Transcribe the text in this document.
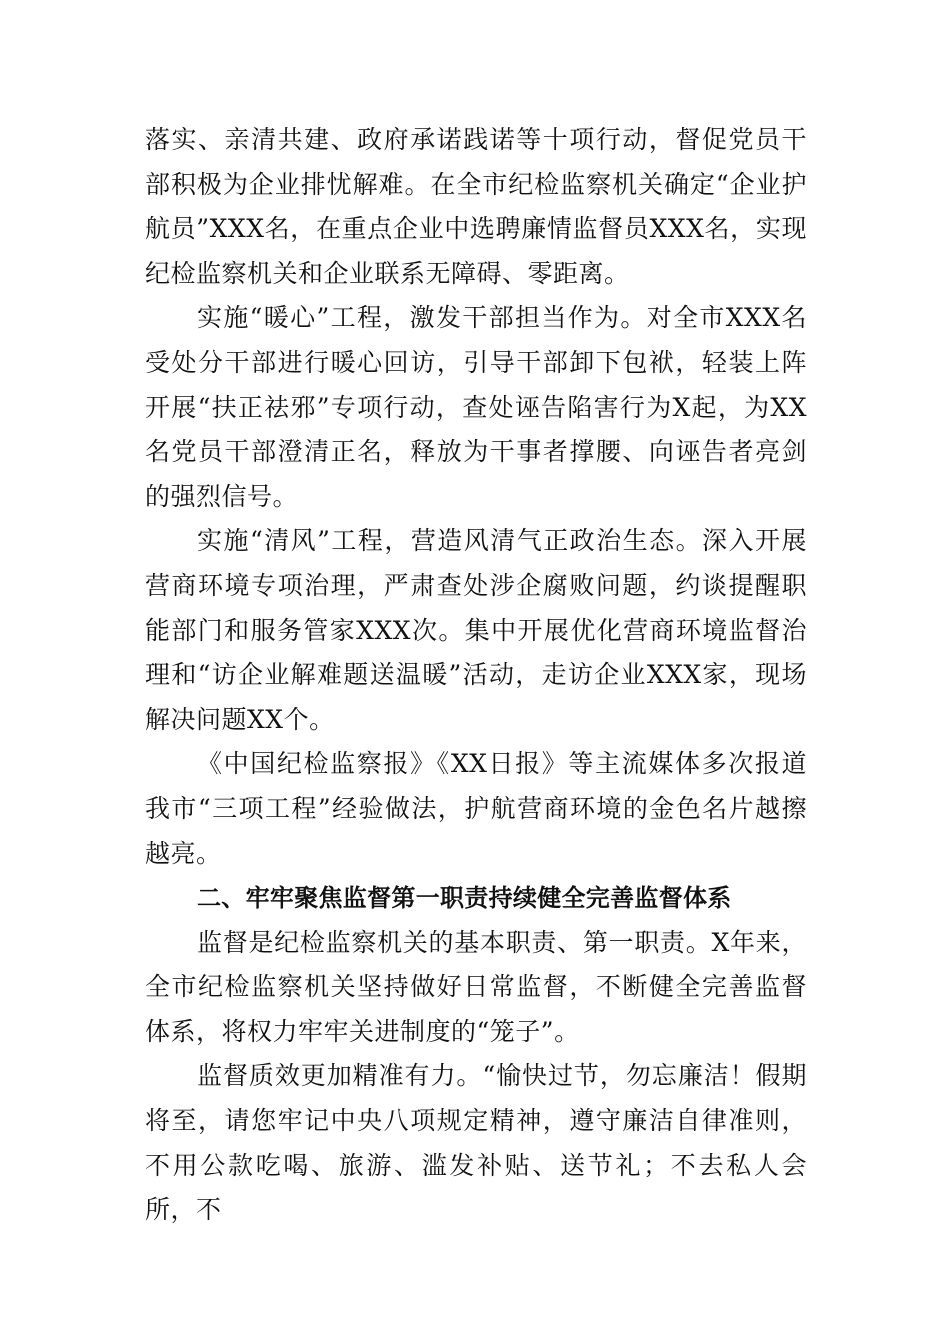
落实、亲清共建、政府承诺践诺等十项行动，督促党员干部积极为企业排忧解难。在全市纪检监察机关确定“企业护航员”XXX名，在重点企业中选聘廉情监督员XXX名，实现纪检监察机关和企业联系无障碍、零距离。

实施“暖心”工程，激发干部担当作为。对全市XXX名受处分干部进行暖心回访，引导干部卸下包袱，轻装上阵开展“扶正祛邪”专项行动，查处诬告陷害行为X起，为XX名党员干部澄清正名，释放为干事者撑腰、向诬告者亮剑的强烈信号。

实施“清风”工程，营造风清气正政治生态。深入开展营商环境专项治理，严肃查处涉企腐败问题，约谈提醒职能部门和服务管家XXX次。集中开展优化营商环境监督治理和“访企业解难题送温暖”活动，走访企业XXX家，现场解决问题XX个。

《中国纪检监察报》《XX日报》等主流媒体多次报道我市“三项工程”经验做法，护航营商环境的金色名片越擦越亮。

二、牢牢聚焦监督第一职责持续健全完善监督体系

监督是纪检监察机关的基本职责、第一职责。X年来，全市纪检监察机关坚持做好日常监督，不断健全完善监督体系，将权力牢牢关进制度的“笼子”。

监督质效更加精准有力。“愉快过节，勿忘廉洁！假期将至，请您牢记中央八项规定精神，遵守廉洁自律准则，不用公款吃喝、旅游、滥发补贴、送节礼；不去私人会所，不
